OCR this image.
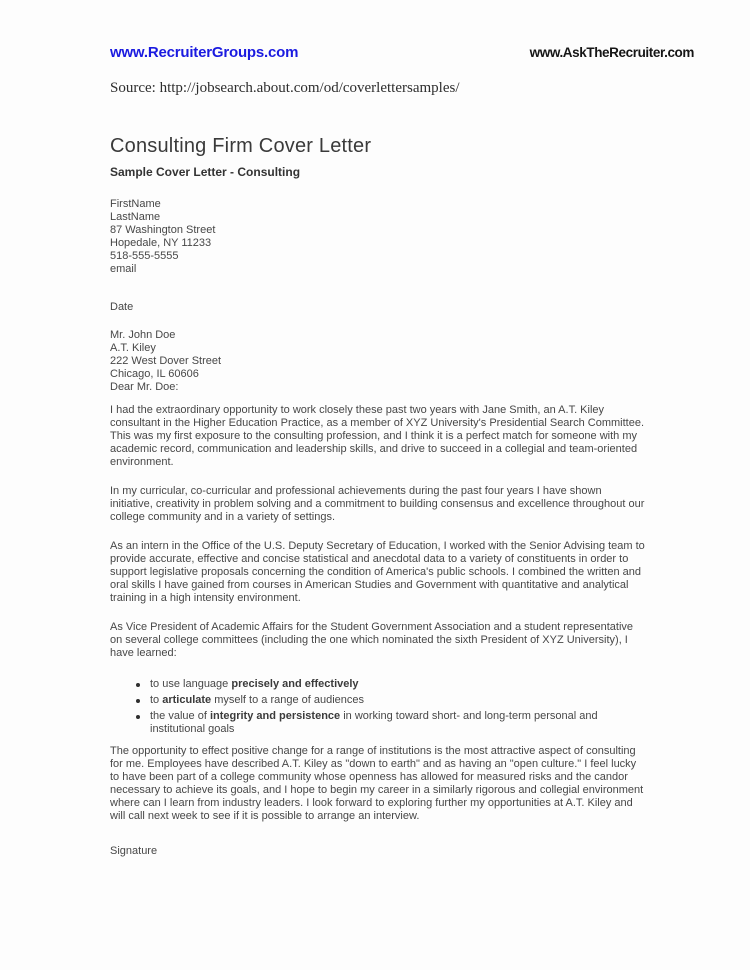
www.RecruiterGroups.com	www.AskTheRecruiter.com
Source: http://jobsearch.about.com/od/coverlettersamples/
Consulting Firm Cover Letter
Sample Cover Letter - Consulting
FirstName
LastName
87 Washington Street
Hopedale, NY 11233
518-555-5555
email
Date
Mr. John Doe
A.T. Kiley
222 West Dover Street
Chicago, IL 60606
Dear Mr. Doe:

I had the extraordinary opportunity to work closely these past two years with Jane Smith, an A.T. Kiley consultant in the Higher Education Practice, as a member of XYZ University's Presidential Search Committee. This was my first exposure to the consulting profession, and I think it is a perfect match for someone with my academic record, communication and leadership skills, and drive to succeed in a collegial and team-oriented environment.

In my curricular, co-curricular and professional achievements during the past four years I have shown initiative, creativity in problem solving and a commitment to building consensus and excellence throughout our college community and in a variety of settings.

As an intern in the Office of the U.S. Deputy Secretary of Education, I worked with the Senior Advising team to provide accurate, effective and concise statistical and anecdotal data to a variety of constituents in order to support legislative proposals concerning the condition of America's public schools. I combined the written and oral skills I have gained from courses in American Studies and Government with quantitative and analytical training in a high intensity environment.

As Vice President of Academic Affairs for the Student Government Association and a student representative on several college committees (including the one which nominated the sixth President of XYZ University), I have learned:

to use language precisely and effectively
to articulate myself to a range of audiences
the value of integrity and persistence in working toward short- and long-term personal and institutional goals

The opportunity to effect positive change for a range of institutions is the most attractive aspect of consulting for me. Employees have described A.T. Kiley as "down to earth" and as having an "open culture." I feel lucky to have been part of a college community whose openness has allowed for measured risks and the candor necessary to achieve its goals, and I hope to begin my career in a similarly rigorous and collegial environment where can I learn from industry leaders. I look forward to exploring further my opportunities at A.T. Kiley and will call next week to see if it is possible to arrange an interview.

Signature
